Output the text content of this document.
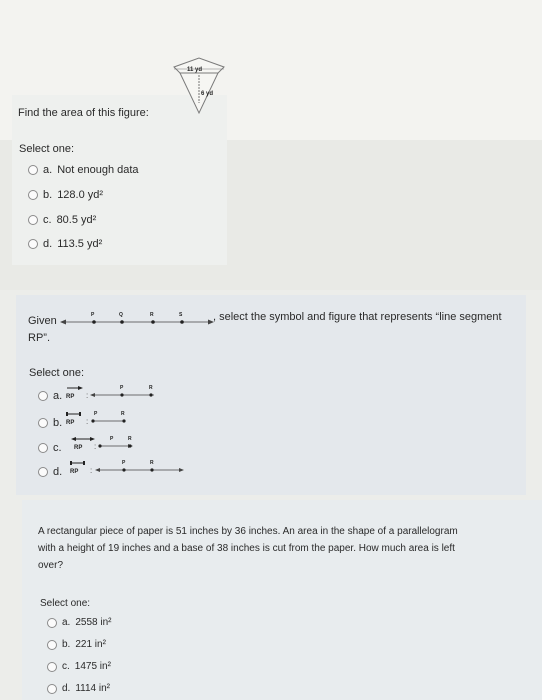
11 yd
6 yd
Find the area of this figure:
Select one:
a. Not enough data
b. 128.0 yd²
c. 80.5 yd²
d. 113.5 yd²
Given	P	Q	R	S	, select the symbol and figure that represents “line segment
RP”.
Select one:
a. RP :
P	R
b. RP :
P	R
c. RP :
P	R
d. RP :
P	R
A rectangular piece of paper is 51 inches by 36 inches. An area in the shape of a parallelogram
with a height of 19 inches and a base of 38 inches is cut from the paper. How much area is left
over?
Select one:
a. 2558 in²
b. 221 in²
c. 1475 in²
d. 1114 in²
